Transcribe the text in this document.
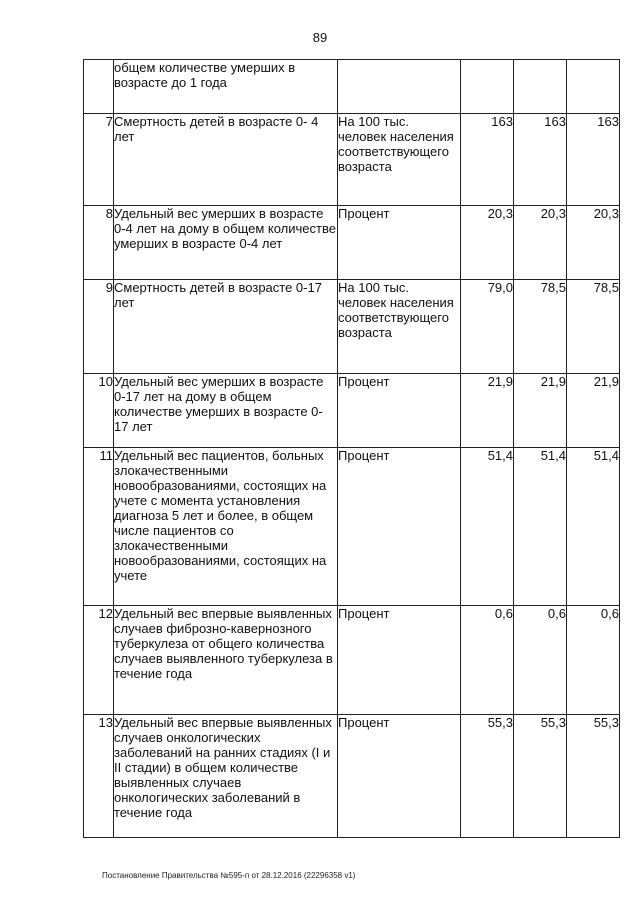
89
	общем количестве умерших в возрасте до 1 года				
7	Смертность детей в возрасте 0- 4 лет	На 100 тыс. человек населения соответствующего возраста	163	163	163
8	Удельный вес умерших в возрасте 0-4 лет на дому в общем количестве умерших в возрасте 0-4 лет	Процент	20,3	20,3	20,3
9	Смертность детей в возрасте 0-17 лет	На 100 тыс. человек населения соответствующего возраста	79,0	78,5	78,5
10	Удельный вес умерших в возрасте 0-17 лет на дому в общем количестве умерших в возрасте 0-17 лет	Процент	21,9	21,9	21,9
11	Удельный вес пациентов, больных злокачественными новообразованиями, состоящих на учете с момента установления диагноза 5 лет и более, в общем числе пациентов со злокачественными новообразованиями, состоящих на учете	Процент	51,4	51,4	51,4
12	Удельный вес впервые выявленных случаев фиброзно-кавернозного туберкулеза от общего количества случаев выявленного туберкулеза в течение года	Процент	0,6	0,6	0,6
13	Удельный вес впервые выявленных случаев онкологических заболеваний на ранних стадиях (I и II стадии) в общем количестве выявленных случаев онкологических заболеваний в течение года	Процент	55,3	55,3	55,3
Постановление Правительства №595-п от 28.12.2016 (22296358 v1)
